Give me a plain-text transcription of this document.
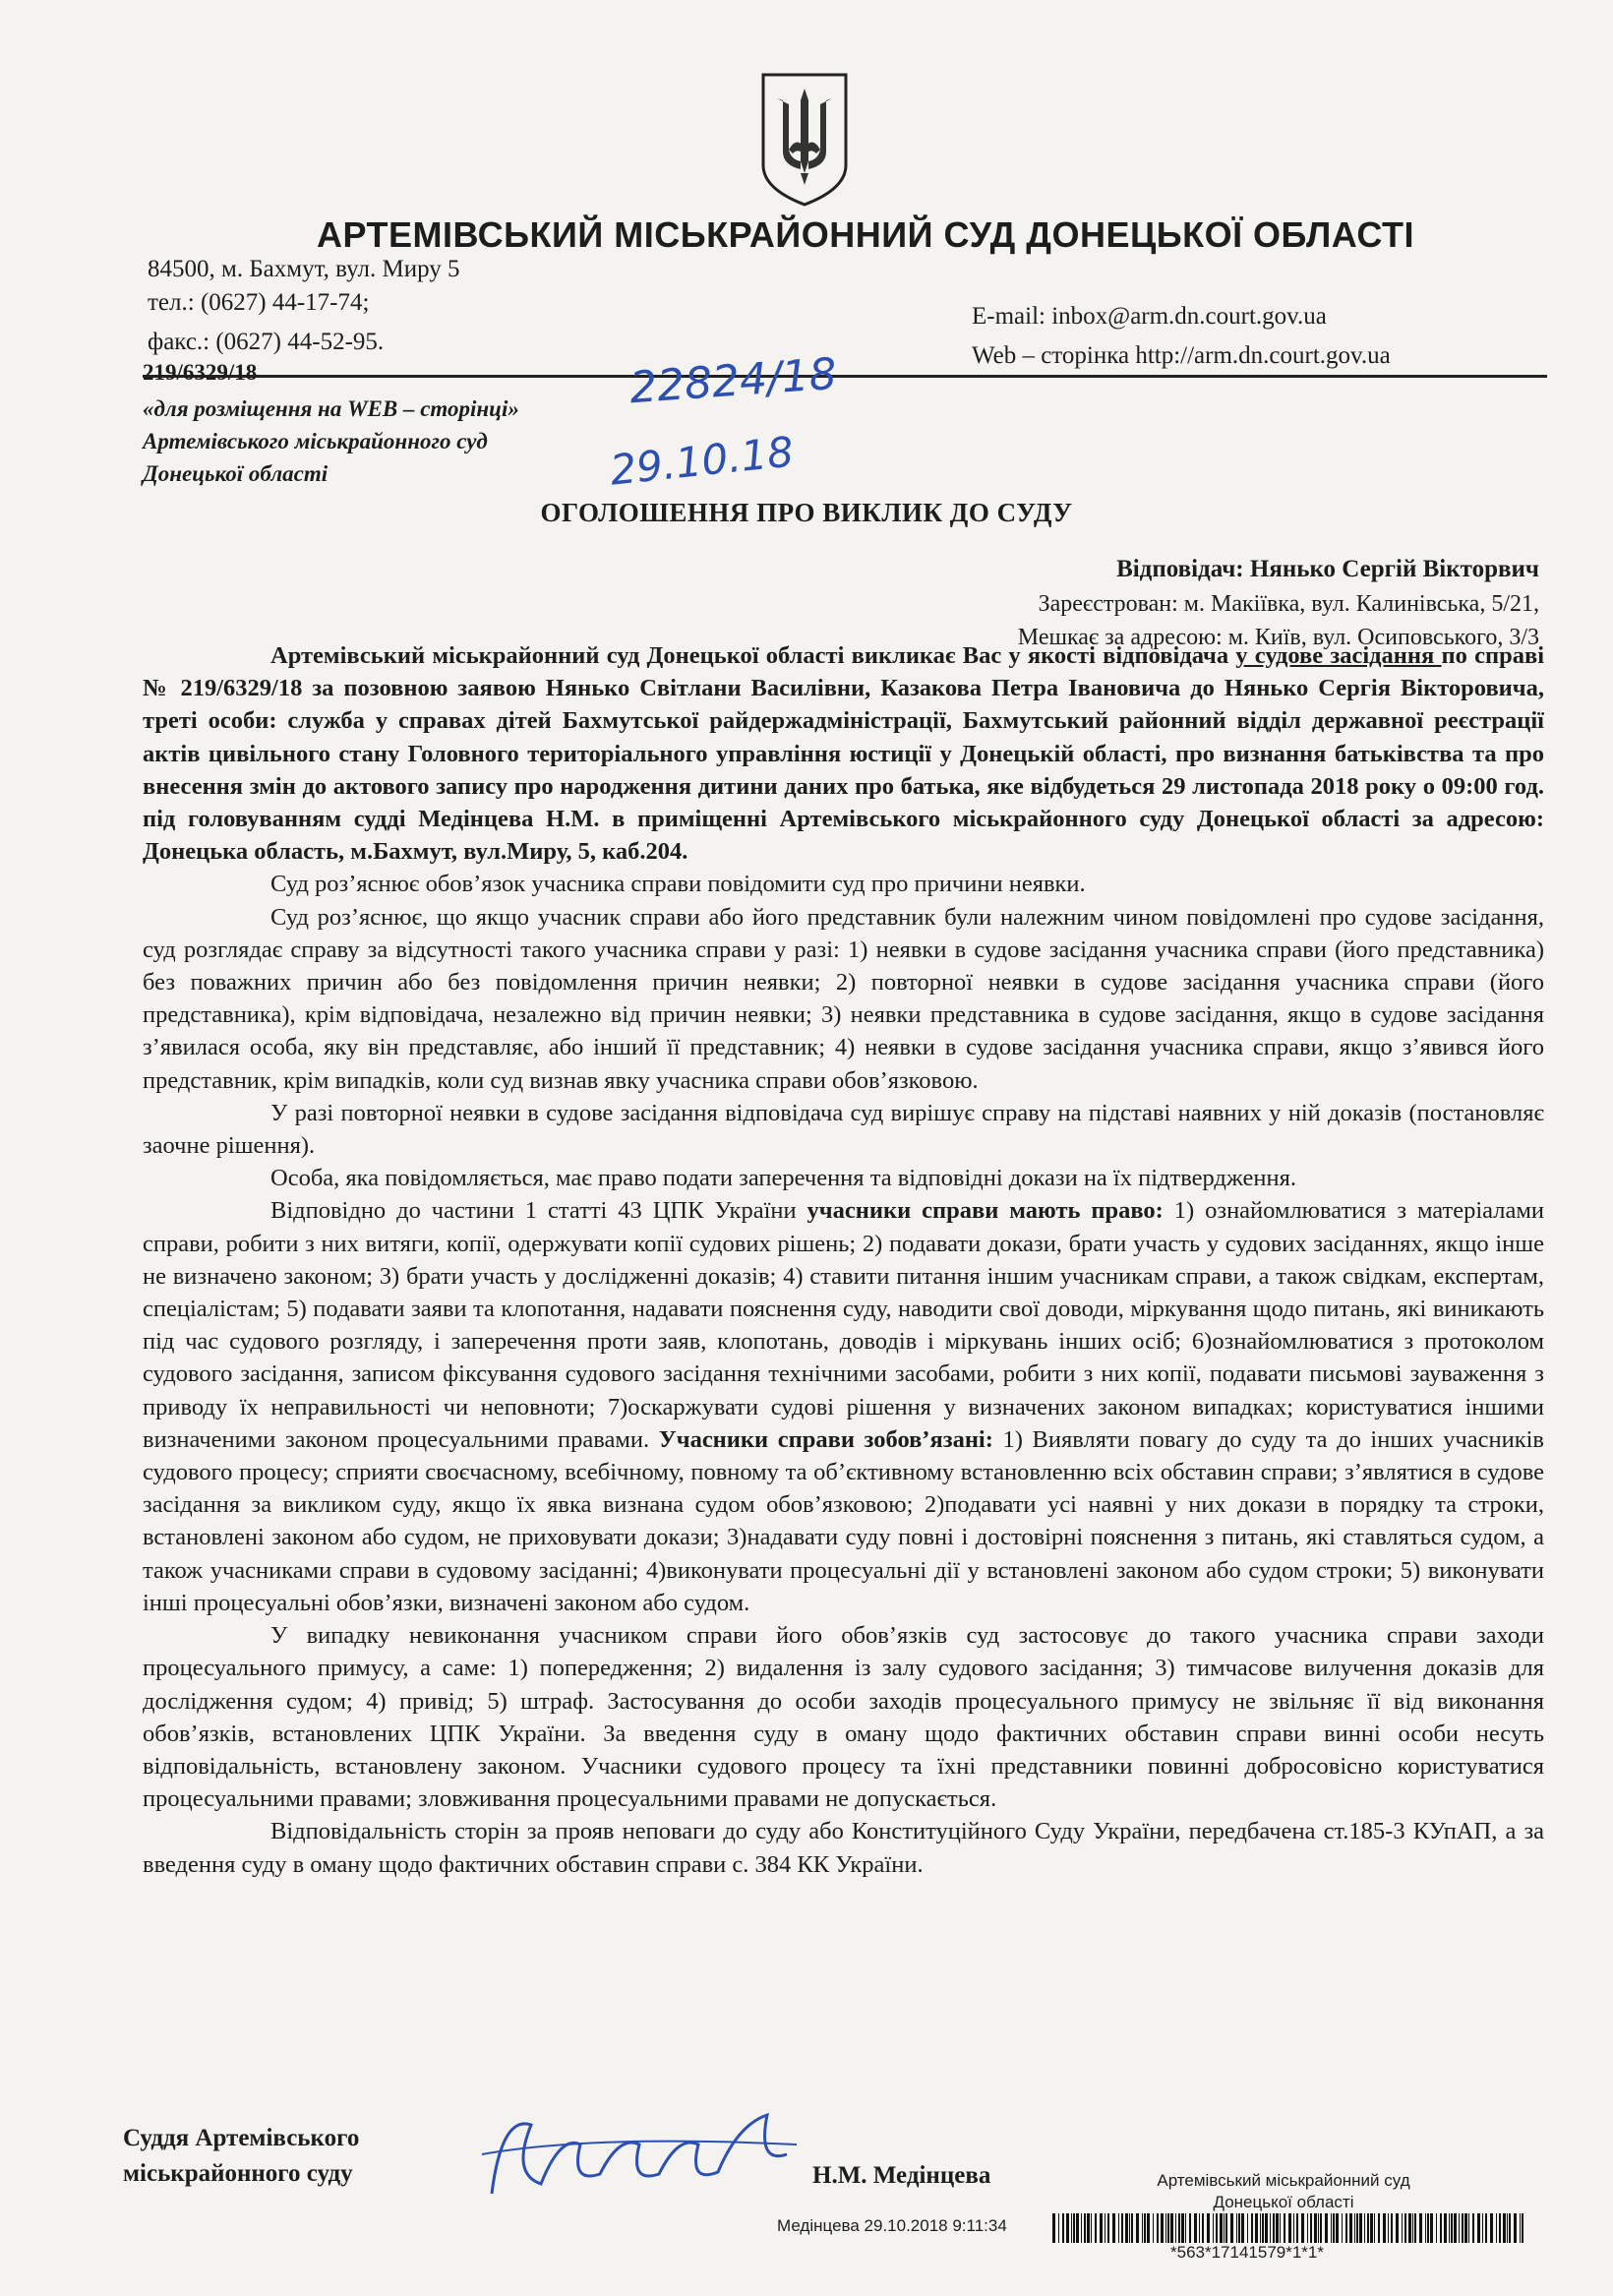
АРТЕМІВСЬКИЙ МІСЬКРАЙОННИЙ СУД ДОНЕЦЬКОЇ ОБЛАСТІ
84500, м. Бахмут, вул. Миру 5
тел.: (0627) 44-17-74;
факс.: (0627) 44-52-95.
E-mail: inbox@arm.dn.court.gov.ua
Web – сторінка http://arm.dn.court.gov.ua
219/6329/18
«для розміщення на WEB – сторінці»
Артемівського міськрайонного суд
Донецької області
22824/18
29.10.18
ОГОЛОШЕННЯ ПРО ВИКЛИК ДО СУДУ
Відповідач: Нянько Сергій Вікторвич
Зареєстрован: м. Макіївка, вул. Калинівська, 5/21,
Мешкає за адресою: м. Київ, вул. Осиповського, 3/3

Артемівський міськрайонний суд Донецької області викликає Вас у якості відповідача у судове засідання по справі № 219/6329/18 за позовною заявою Нянько Світлани Василівни, Казакова Петра Івановича до Нянько Сергія Вікторовича, треті особи: служба у справах дітей Бахмутської райдержадміністрації, Бахмутський районний відділ державної реєстрації актів цивільного стану Головного територіального управління юстиції у Донецькій області, про визнання батьківства та про внесення змін до актового запису про народження дитини даних про батька, яке відбудеться 29 листопада 2018 року о 09:00 год. під головуванням судді Медінцева Н.М. в приміщенні Артемівського міськрайонного суду Донецької області за адресою: Донецька область, м.Бахмут, вул.Миру, 5, каб.204.

Суд роз’яснює обов’язок учасника справи повідомити суд про причини неявки.

Суд роз’яснює, що якщо учасник справи або його представник були належним чином повідомлені про судове засідання, суд розглядає справу за відсутності такого учасника справи у разі: 1) неявки в судове засідання учасника справи (його представника) без поважних причин або без повідомлення причин неявки; 2) повторної неявки в судове засідання учасника справи (його представника), крім відповідача, незалежно від причин неявки; 3) неявки представника в судове засідання, якщо в судове засідання з’явилася особа, яку він представляє, або інший її представник; 4) неявки в судове засідання учасника справи, якщо з’явився його представник, крім випадків, коли суд визнав явку учасника справи обов’язковою.

У разі повторної неявки в судове засідання відповідача суд вирішує справу на підставі наявних у ній доказів (постановляє заочне рішення).

Особа, яка повідомляється, має право подати заперечення та відповідні докази на їх підтвердження.

Відповідно до частини 1 статті 43 ЦПК України учасники справи мають право: 1) ознайомлюватися з матеріалами справи, робити з них витяги, копії, одержувати копії судових рішень; 2) подавати докази, брати участь у судових засіданнях, якщо інше не визначено законом; 3) брати участь у дослідженні доказів; 4) ставити питання іншим учасникам справи, а також свідкам, експертам, спеціалістам; 5) подавати заяви та клопотання, надавати пояснення суду, наводити свої доводи, міркування щодо питань, які виникають під час судового розгляду, і заперечення проти заяв, клопотань, доводів і міркувань інших осіб; 6)ознайомлюватися з протоколом судового засідання, записом фіксування судового засідання технічними засобами, робити з них копії, подавати письмові зауваження з приводу їх неправильності чи неповноти; 7)оскаржувати судові рішення у визначених законом випадках; користуватися іншими визначеними законом процесуальними правами. Учасники справи зобов’язані: 1) Виявляти повагу до суду та до інших учасників судового процесу; сприяти своєчасному, всебічному, повному та об’єктивному встановленню всіх обставин справи; з’являтися в судове засідання за викликом суду, якщо їх явка визнана судом обов’язковою; 2)подавати усі наявні у них докази в порядку та строки, встановлені законом або судом, не приховувати докази; 3)надавати суду повні і достовірні пояснення з питань, які ставляться судом, а також учасниками справи в судовому засіданні; 4)виконувати процесуальні дії у встановлені законом або судом строки; 5) виконувати інші процесуальні обов’язки, визначені законом або судом.

У випадку невиконання учасником справи його обов’язків суд застосовує до такого учасника справи заходи процесуального примусу, а саме: 1) попередження; 2) видалення із залу судового засідання; 3) тимчасове вилучення доказів для дослідження судом; 4) привід; 5) штраф. Застосування до особи заходів процесуального примусу не звільняє її від виконання обов’язків, встановлених ЦПК України. За введення суду в оману щодо фактичних обставин справи винні особи несуть відповідальність, встановлену законом. Учасники судового процесу та їхні представники повинні добросовісно користуватися процесуальними правами; зловживання процесуальними правами не допускається.

Відповідальність сторін за прояв неповаги до суду або Конституційного Суду України, передбачена ст.185-3 КУпАП, а за введення суду в оману щодо фактичних обставин справи с. 384 КК України.

Суддя Артемівського
міськрайонного суду	Н.М. Медінцева	Артемівський міськрайонний суд
Донецької області
Медінцева 29.10.2018 9:11:34
*563*17141579*1*1*
